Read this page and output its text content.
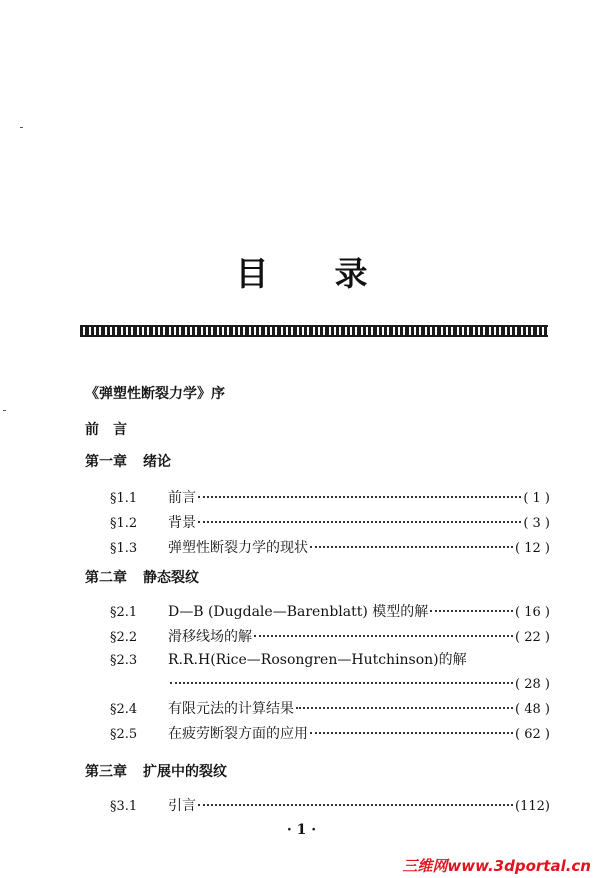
目 录
《弹塑性断裂力学》序
前　言
第一章 绪论
§1.1	前言	( 1 )
§1.2	背景	( 3 )
§1.3	弹塑性断裂力学的现状	( 12 )
第二章 静态裂纹
§2.1	D—B (Dugdale—Barenblatt) 模型的解	( 16 )
§2.2	滑移线场的解	( 22 )
§2.3	R.R.H(Rice—Rosongren—Hutchinson)的解
( 28 )
§2.4	有限元法的计算结果	( 48 )
§2.5	在疲劳断裂方面的应用	( 62 )
第三章 扩展中的裂纹
§3.1	引言	(112)
· 1 ·
三维网www.3dportal.cn
